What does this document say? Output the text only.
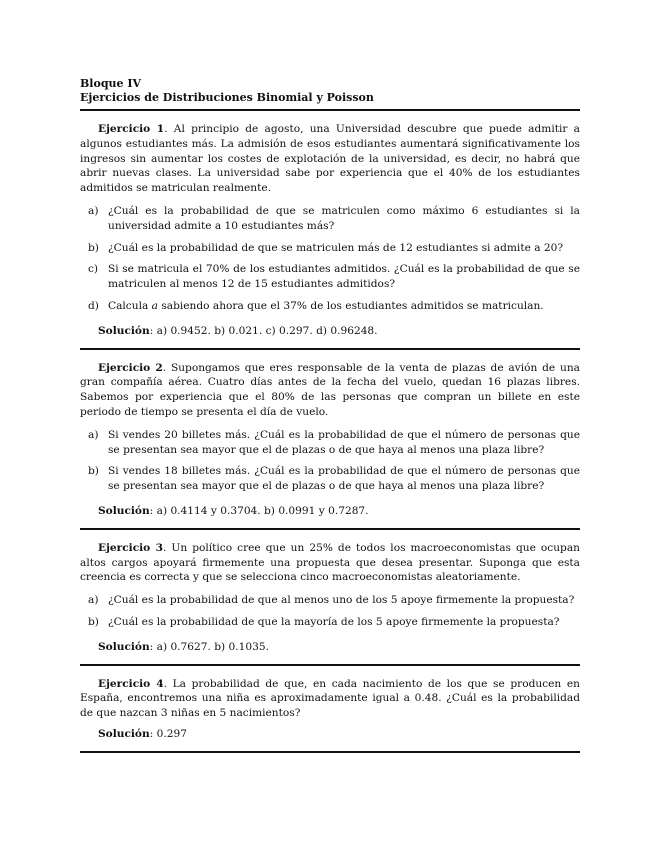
Bloque IV

Ejercicios de Distribuciones Binomial y Poisson

Ejercicio 1. Al principio de agosto, una Universidad descubre que puede admitir a algunos estudiantes más. La admisión de esos estudiantes aumentará significativamente los ingresos sin aumentar los costes de explotación de la universidad, es decir, no habrá que abrir nuevas clases. La universidad sabe por experiencia que el 40% de los estudiantes admitidos se matriculan realmente.

a) ¿Cuál es la probabilidad de que se matriculen como máximo 6 estudiantes si la universidad admite a 10 estudiantes más?
b) ¿Cuál es la probabilidad de que se matriculen más de 12 estudiantes si admite a 20?
c) Si se matricula el 70% de los estudiantes admitidos. ¿Cuál es la probabilidad de que se matriculen al menos 12 de 15 estudiantes admitidos?
d) Calcula a sabiendo ahora que el 37% de los estudiantes admitidos se matriculan.

Solución: a) 0.9452. b) 0.021. c) 0.297. d) 0.96248.

Ejercicio 2. Supongamos que eres responsable de la venta de plazas de avión de una gran compañía aérea. Cuatro días antes de la fecha del vuelo, quedan 16 plazas libres. Sabemos por experiencia que el 80% de las personas que compran un billete en este periodo de tiempo se presenta el día de vuelo.

a) Si vendes 20 billetes más. ¿Cuál es la probabilidad de que el número de personas que se presentan sea mayor que el de plazas o de que haya al menos una plaza libre?
b) Si vendes 18 billetes más. ¿Cuál es la probabilidad de que el número de personas que se presentan sea mayor que el de plazas o de que haya al menos una plaza libre?

Solución: a) 0.4114 y 0.3704. b) 0.0991 y 0.7287.

Ejercicio 3. Un político cree que un 25% de todos los macroeconomistas que ocupan altos cargos apoyará firmemente una propuesta que desea presentar. Suponga que esta creencia es correcta y que se selecciona cinco macroeconomistas aleatoriamente.

a) ¿Cuál es la probabilidad de que al menos uno de los 5 apoye firmemente la propuesta?
b) ¿Cuál es la probabilidad de que la mayoría de los 5 apoye firmemente la propuesta?

Solución: a) 0.7627. b) 0.1035.

Ejercicio 4. La probabilidad de que, en cada nacimiento de los que se producen en España, encontremos una niña es aproximadamente igual a 0.48. ¿Cuál es la probabilidad de que nazcan 3 niñas en 5 nacimientos?

Solución: 0.297
